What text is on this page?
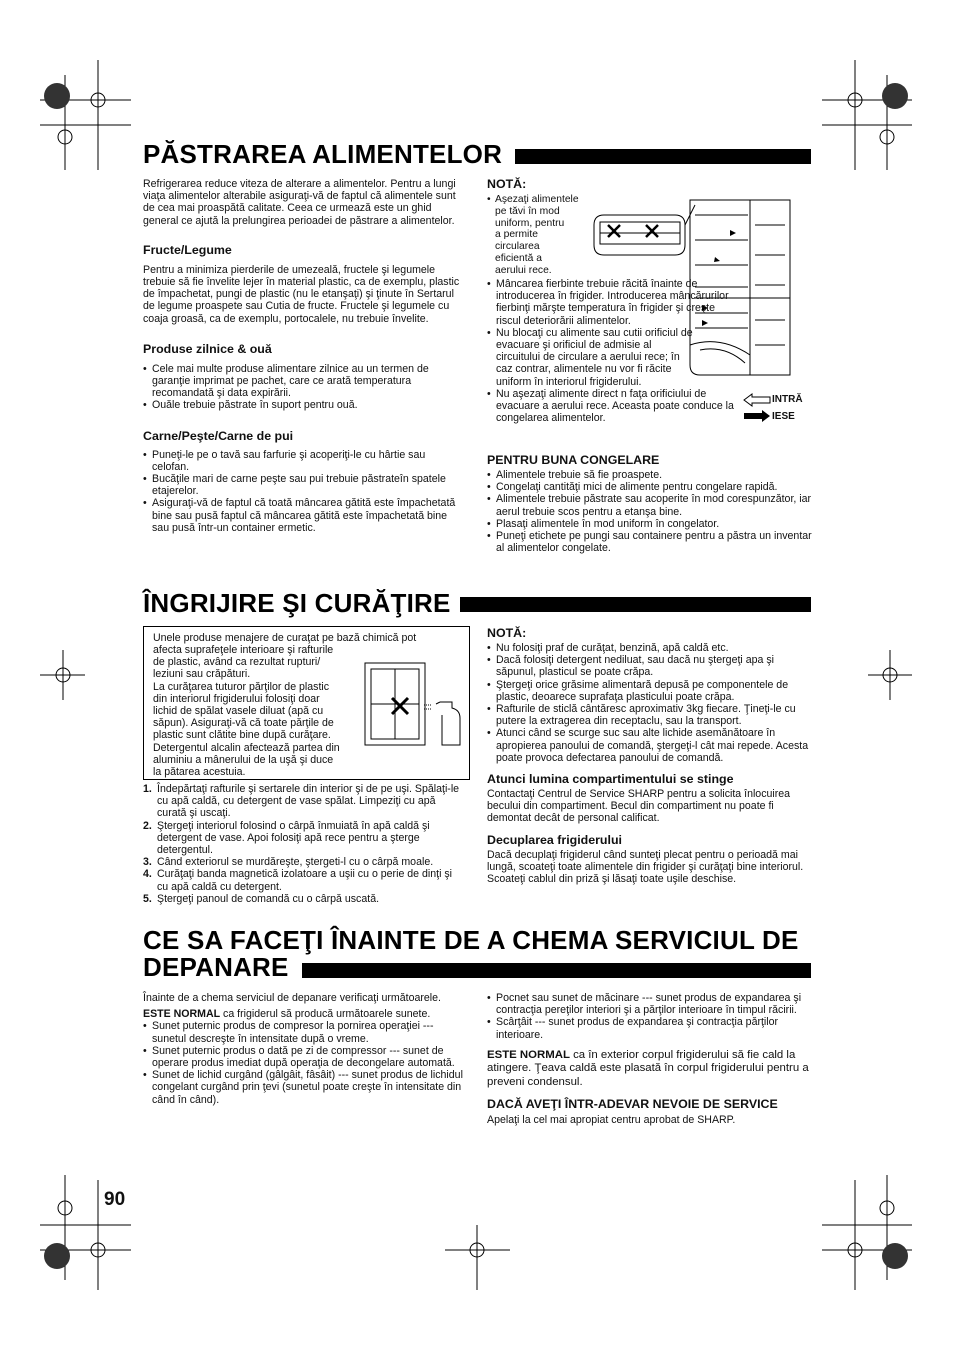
PĂSTRAREA ALIMENTELOR
Refrigerarea reduce viteza de alterare a alimentelor. Pentru a lungi viaţa alimentelor alterabile asiguraţi-vă de faptul că alimentele sunt de cea mai proaspătă calitate. Ceea ce urmează este un ghid general ce ajută la prelungirea perioadei de păstrare a alimentelor.
Fructe/Legume
Pentru a minimiza pierderile de umezeală, fructele şi legumele trebuie să fie învelite lejer în material plastic, ca de exemplu, plastic de împachetat, pungi de plastic (nu le etanşaţi) şi ţinute în Sertarul de legume proaspete sau Cutia de fructe. Fructele şi legumele cu coaja groasă, ca de exemplu, portocalele, nu trebuie învelite.
Produse zilnice & ouă
• Cele mai multe produse alimentare zilnice au un termen de garanţie imprimat pe pachet, care ce arată temperatura recomandată şi data expirării.
• Ouăle trebuie păstrate în suport pentru ouă.
Carne/Peşte/Carne de pui
• Puneţi-le pe o tavă sau farfurie şi acoperiţi-le cu hârtie sau celofan.
• Bucăţile mari de carne peşte sau pui trebuie păstrateîn spatele etajerelor.
• Asiguraţi-vă de faptul că toată mâncarea gătită este împachetată bine sau pusă faptul că mâncarea gătită este împachetată bine sau pusă într-un container ermetic.
NOTĂ:
• Aşezaţi alimentele
pe tăvi în mod
uniform, pentru
a permite
circularea
eficientă a
aerului rece.
INTRĂ
IESE
• Mâncarea fierbinte trebuie răcită înainte de introducerea în frigider. Introducerea mâncărurilor fierbinţi mărşte temperatura în frigider şi creşte riscul deteriorării alimentelor.
• Nu blocaţi cu alimente sau cutii orificiul de evacuare şi orificiul de admisie al circuitului de circulare a aerului rece; în caz contrar, alimentele nu vor fi răcite uniform în interiorul frigiderului.
• Nu aşezaţi alimente direct n faţa orificiului de evacuare a aerului rece. Aceasta poate conduce la congelarea alimentelor.
PENTRU BUNA CONGELARE
• Alimentele trebuie să fie proaspete.
• Congelaţi cantităţi mici de alimente pentru congelare rapidă.
• Alimentele trebuie păstrate sau acoperite în mod corespunzător, iar aerul trebuie scos pentru a etanşa bine.
• Plasaţi alimentele în mod uniform în congelator.
• Puneţi etichete pe pungi sau containere pentru a păstra un inventar al alimentelor congelate.
ÎNGRIJIRE ŞI CURĂŢIRE
Unele produse menajere de curaţat pe bază chimică pot
afecta suprafeţele interioare şi rafturile
de plastic, având ca rezultat rupturi/
leziuni sau crăpături.
La curăţarea tuturor părţilor de plastic
din interiorul frigiderului folosiţi doar
lichid de spălat vasele diluat (apă cu
săpun). Asiguraţi-vă că toate părţile de
plastic sunt clătite bine după curăţare.
Detergentul alcalin afectează partea din
aluminiu a mânerului de la uşă şi duce
la pătarea acestuia.
1. Îndepărtaţi rafturile şi sertarele din interior şi de pe uşi. Spălaţi-le cu apă caldă, cu detergent de vase spălat. Limpeziţi cu apă curată şi uscaţi.
2. Ştergeţi interiorul folosind o cârpă înmuiată în apă caldă şi detergent de vase. Apoi folosiţi apă rece pentru a şterge detergentul.
3. Când exteriorul se murdăreşte, ştergeti-l cu o cârpă moale.
4. Curăţaţi banda magnetică izolatoare a uşii cu o perie de dinţi şi cu apă caldă cu detergent.
5. Ştergeţi panoul de comandă cu o cârpă uscată.
NOTĂ:
• Nu folosiţi praf de curăţat, benzină, apă caldă etc.
• Dacă folosiţi detergent nediluat, sau dacă nu ştergeţi apa şi săpunul, plasticul se poate crăpa.
• Ştergeţi orice grăsime alimentară depusă pe componentele de plastic, deoarece suprafaţa plasticului poate crăpa.
• Rafturile de sticlă cântăresc aproximativ 3kg fiecare. Ţineţi-le cu putere la extragerea din receptaclu, sau la transport.
• Atunci când se scurge suc sau alte lichide asemănătoare în apropierea panoului de comandă, ştergeţi-l cât mai repede. Acesta poate provoca defectarea panoului de comandă.
Atunci lumina compartimentului se stinge
Contactaţi Centrul de Service SHARP pentru a solicita înlocuirea becului din compartiment. Becul din compartiment nu poate fi demontat decât de personal calificat.
Decuplarea frigiderului
Dacă decuplaţi frigiderul când sunteţi plecat pentru o perioadă mai lungă, scoateţi toate alimentele din frigider şi curăţaţi bine interiorul. Scoateţi cablul din priză şi lăsaţi toate uşile deschise.
CE SA FACEŢI ÎNAINTE DE A CHEMA SERVICIUL DE
DEPANARE
Înainte de a chema serviciul de depanare verificaţi următoarele.
ESTE NORMAL ca frigiderul să producă următoarele sunete.
• Sunet puternic produs de compresor la pornirea operaţiei --- sunetul descreşte în intensitate după o vreme.
• Sunet puternic produs o dată pe zi de compressor --- sunet de operare produs imediat după operaţia de decongelare automată.
• Sunet de lichid curgând (gâlgâit, fâsâit) --- sunet produs de lichidul congelant curgând prin ţevi (sunetul poate creşte în intensitate din când în când).
• Pocnet sau sunet de măcinare --- sunet produs de expandarea şi contracţia pereţilor interiori şi a părţilor interioare în timpul răcirii.
• Scârţâit --- sunet produs de expandarea şi contracţia părţilor interioare.
ESTE NORMAL ca în exterior corpul frigiderului să fie cald la atingere. Ţeava caldă este plasată în corpul frigiderului pentru a preveni condensul.
DACĂ AVEŢI ÎNTR-ADEVAR NEVOIE DE SERVICE
Apelaţi la cel mai apropiat centru aprobat de SHARP.
90
